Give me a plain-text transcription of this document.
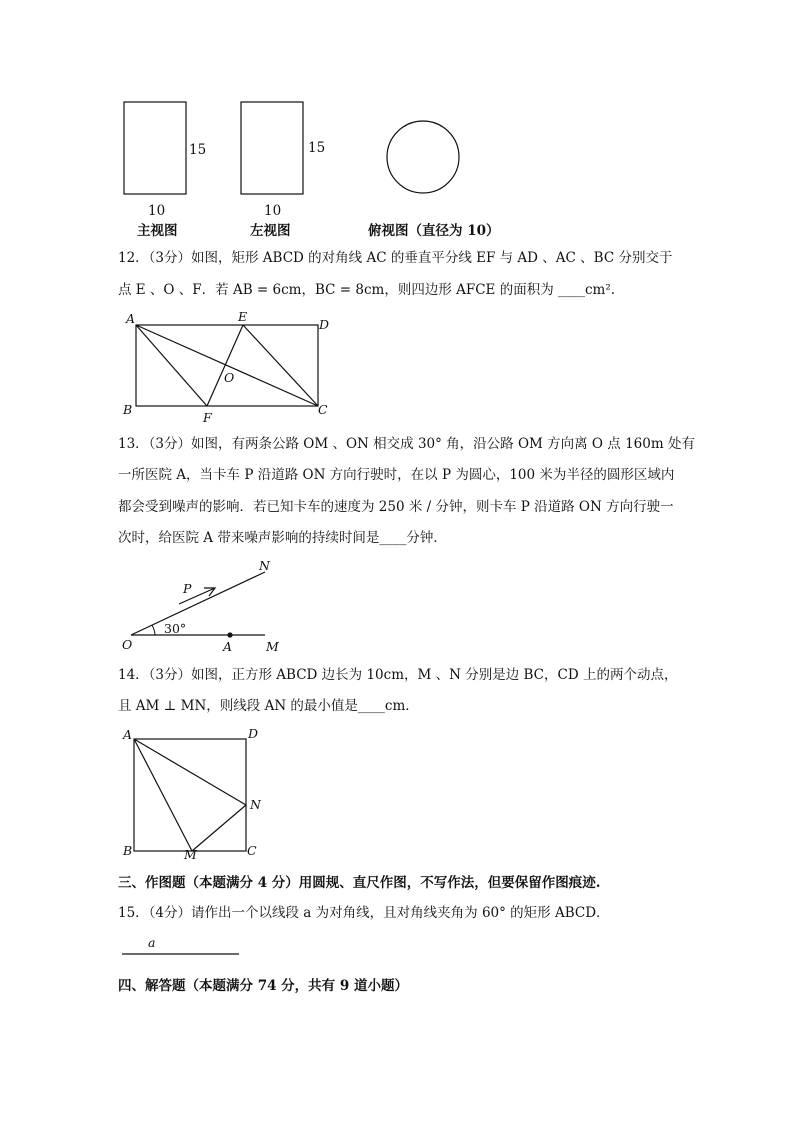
15	15
10	10
主视图	左视图	俯视图（直径为 10）
12．（3分）如图，矩形 ABCD 的对角线 AC 的垂直平分线 EF 与 AD 、AC 、BC 分别交于
点 E 、O 、F．若 AB = 6cm，BC = 8cm，则四边形 AFCE 的面积为 ____cm².
A	E
D
O
B
F
C
13．（3分）如图，有两条公路 OM 、ON 相交成 30° 角，沿公路 OM 方向离 O 点 160m 处有
一所医院 A，当卡车 P 沿道路 ON 方向行驶时，在以 P 为圆心，100 米为半径的圆形区域内
都会受到噪声的影响．若已知卡车的速度为 250 米 / 分钟，则卡车 P 沿道路 ON 方向行驶一
次时，给医院 A 带来噪声影响的持续时间是____分钟．
N
P
30°
O	A	M
14．（3分）如图，正方形 ABCD 边长为 10cm，M 、N 分别是边 BC，CD 上的两个动点，
且 AM ⊥ MN，则线段 AN 的最小值是____cm．
A	D
N
B	M	C
三、作图题（本题满分 4 分）用圆规、直尺作图，不写作法，但要保留作图痕迹.
15．（4分）请作出一个以线段 a 为对角线，且对角线夹角为 60° 的矩形 ABCD．
a
四、解答题（本题满分 74 分，共有 9 道小题）
